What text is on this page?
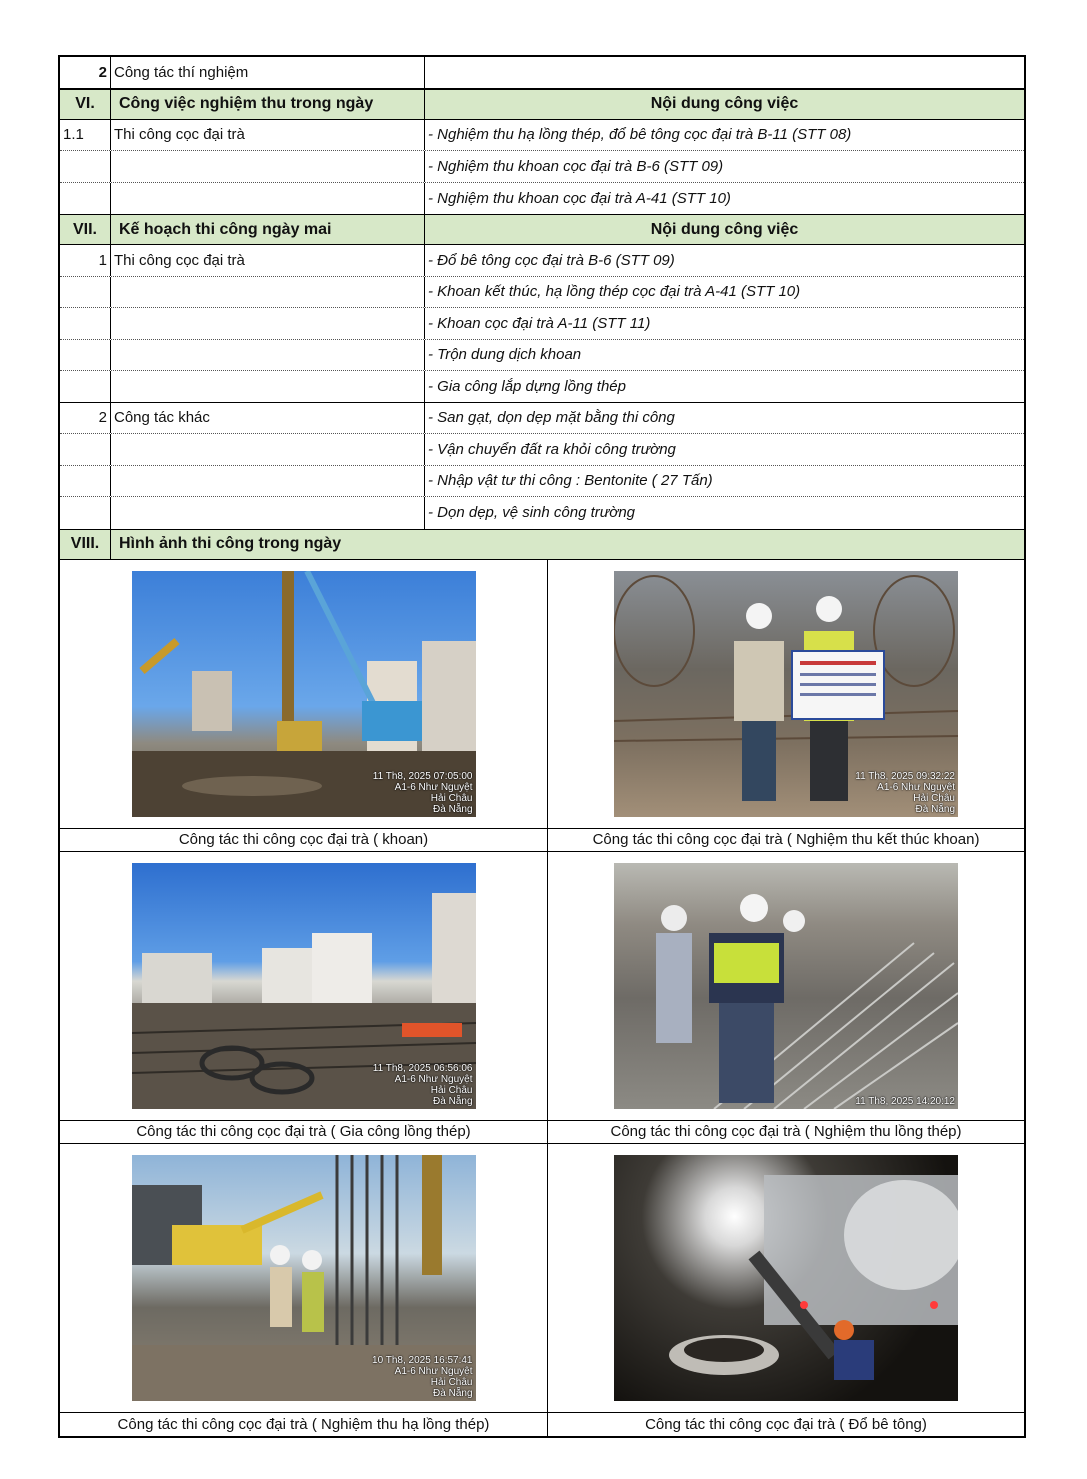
2 Công tác thí nghiệm
VI.	Công việc nghiệm thu trong ngày	Nội dung công việc
1.1	Thi công cọc đại trà	- Nghiệm thu hạ lồng thép, đổ bê tông cọc đại trà B-11 (STT 08)
- Nghiệm thu khoan cọc đại trà B-6 (STT 09)
- Nghiệm thu khoan cọc đại trà A-41 (STT 10)
VII.	Kế hoạch thi công ngày mai	Nội dung công việc
1 Thi công cọc đại trà	- Đổ bê tông cọc đại trà B-6 (STT 09)
- Khoan kết thúc, hạ lồng thép cọc đại trà A-41 (STT 10)
- Khoan cọc đại trà A-11 (STT 11)
- Trộn dung dịch khoan
- Gia công lắp dựng lồng thép
2 Công tác khác	- San gạt, dọn dẹp mặt bằng thi công
- Vận chuyển đất ra khỏi công trường
- Nhập vật tư thi công : Bentonite ( 27 Tấn)
- Dọn dẹp, vệ sinh công trường
VIII.	Hình ảnh thi công trong ngày
11 Th8, 2025 07:05:00
A1-6 Như Nguyệt
Hải Châu
Đà Nẵng
11 Th8, 2025 09:32:22
A1-6 Như Nguyệt
Hải Châu
Đà Nẵng
Công tác thi công cọc đại trà ( khoan)	Công tác thi công cọc đại trà ( Nghiệm thu kết thúc khoan)
11 Th8, 2025 06:56:06
A1-6 Như Nguyệt
Hải Châu
Đà Nẵng	11 Th8, 2025 14:20:12
Công tác thi công cọc đại trà ( Gia công lồng thép)	Công tác thi công cọc đại trà ( Nghiệm thu lồng thép)
10 Th8, 2025 16:57:41
A1-6 Như Nguyệt
Hải Châu
Đà Nẵng
Công tác thi công cọc đại trà ( Nghiệm thu hạ lồng thép)	Công tác thi công cọc đại trà ( Đổ bê tông)
